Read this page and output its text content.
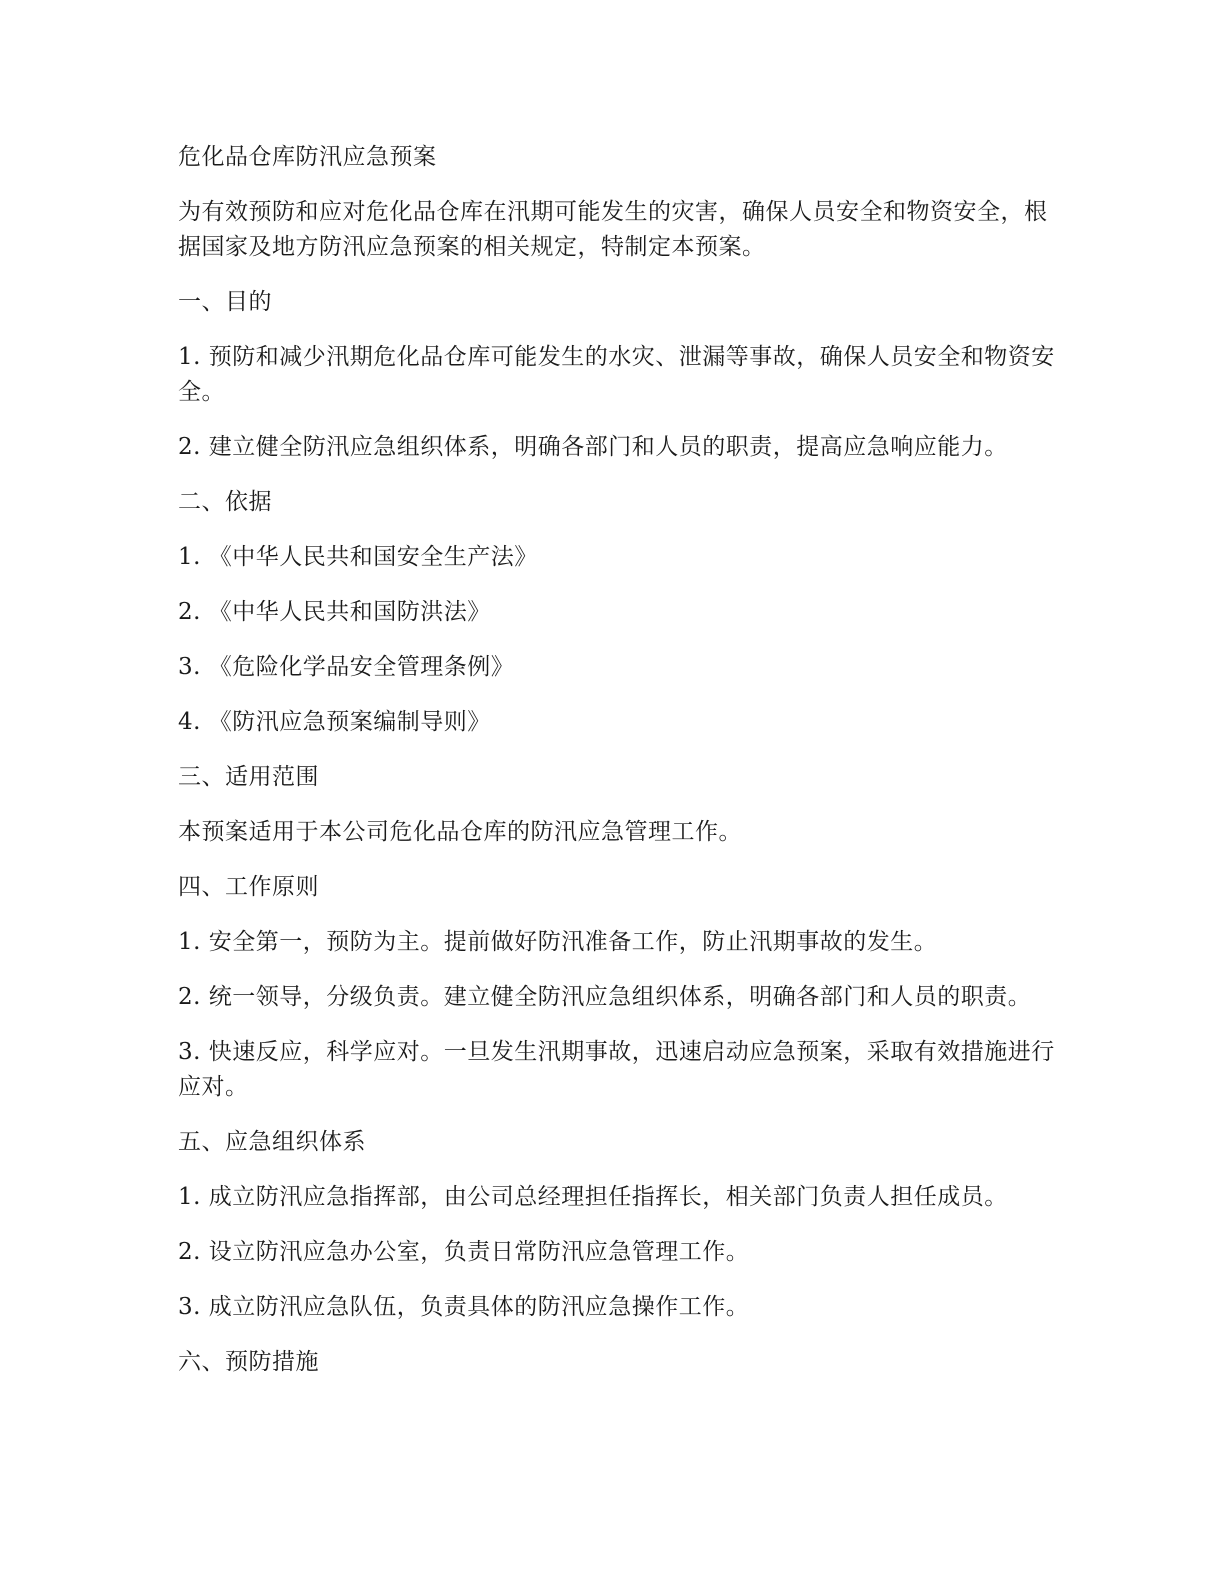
危化品仓库防汛应急预案

为有效预防和应对危化品仓库在汛期可能发生的灾害，确保人员安全和物资安全，根据国家及地方防汛应急预案的相关规定，特制定本预案。

一、目的

1. 预防和减少汛期危化品仓库可能发生的水灾、泄漏等事故，确保人员安全和物资安全。

2. 建立健全防汛应急组织体系，明确各部门和人员的职责，提高应急响应能力。

二、依据

1. 《中华人民共和国安全生产法》

2. 《中华人民共和国防洪法》

3. 《危险化学品安全管理条例》

4. 《防汛应急预案编制导则》

三、适用范围

本预案适用于本公司危化品仓库的防汛应急管理工作。

四、工作原则

1. 安全第一，预防为主。提前做好防汛准备工作，防止汛期事故的发生。

2. 统一领导，分级负责。建立健全防汛应急组织体系，明确各部门和人员的职责。

3. 快速反应，科学应对。一旦发生汛期事故，迅速启动应急预案，采取有效措施进行应对。

五、应急组织体系

1. 成立防汛应急指挥部，由公司总经理担任指挥长，相关部门负责人担任成员。

2. 设立防汛应急办公室，负责日常防汛应急管理工作。

3. 成立防汛应急队伍，负责具体的防汛应急操作工作。

六、预防措施
